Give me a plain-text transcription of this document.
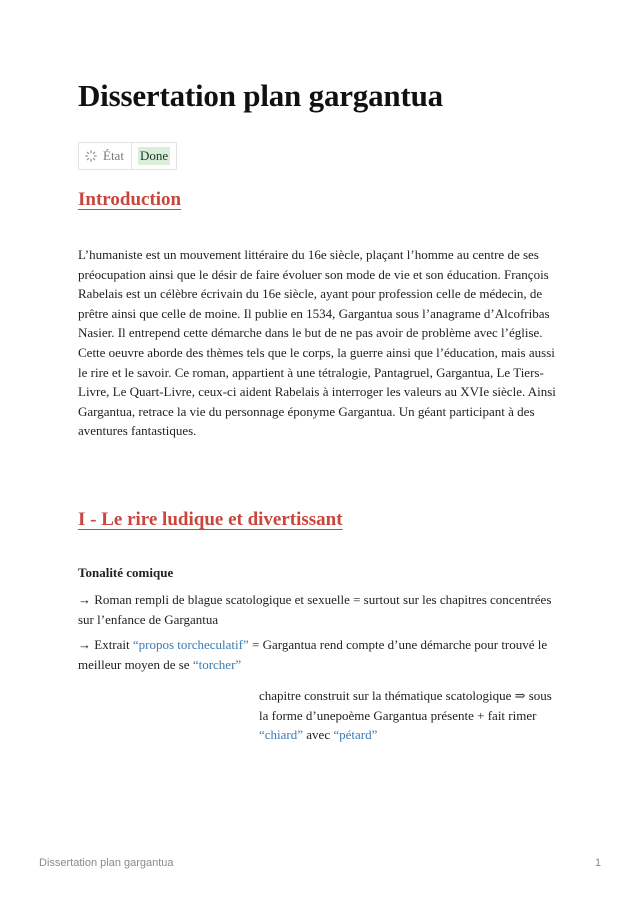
Dissertation plan gargantua
État Done
Introduction

L’humaniste est un mouvement littéraire du 16e siècle, plaçant l’homme au centre de ses préocupation ainsi que le désir de faire évoluer son mode de vie et son éducation. François Rabelais est un célèbre écrivain du 16e siècle, ayant pour profession celle de médecin, de prêtre ainsi que celle de moine. Il publie en 1534, Gargantua sous l’anagrame d’Alcofribas Nasier. Il entrepend cette démarche dans le but de ne pas avoir de problème avec l’église. Cette oeuvre aborde des thèmes tels que le corps, la guerre ainsi que l’éducation, mais aussi le rire et le savoir. Ce roman, appartient à une tétralogie, Pantagruel, Gargantua, Le Tiers-Livre, Le Quart-Livre, ceux-ci aident Rabelais à interroger les valeurs au XVIe siècle. Ainsi Gargantua, retrace la vie du personnage éponyme Gargantua. Un géant participant à des aventures fantastiques.

I - Le rire ludique et divertissant
Tonalité comique

→ Roman rempli de blague scatologique et sexuelle = surtout sur les chapitres concentrées sur l’enfance de Gargantua

→ Extrait “propos torcheculatif” = Gargantua rend compte d’une démarche pour trouvé le meilleur moyen de se “torcher”

chapitre construit sur la thématique scatologique ⇒ sous
la forme d’unepoème Gargantua présente + fait rimer
“chiard” avec “pétard”

Dissertation plan gargantua	1
